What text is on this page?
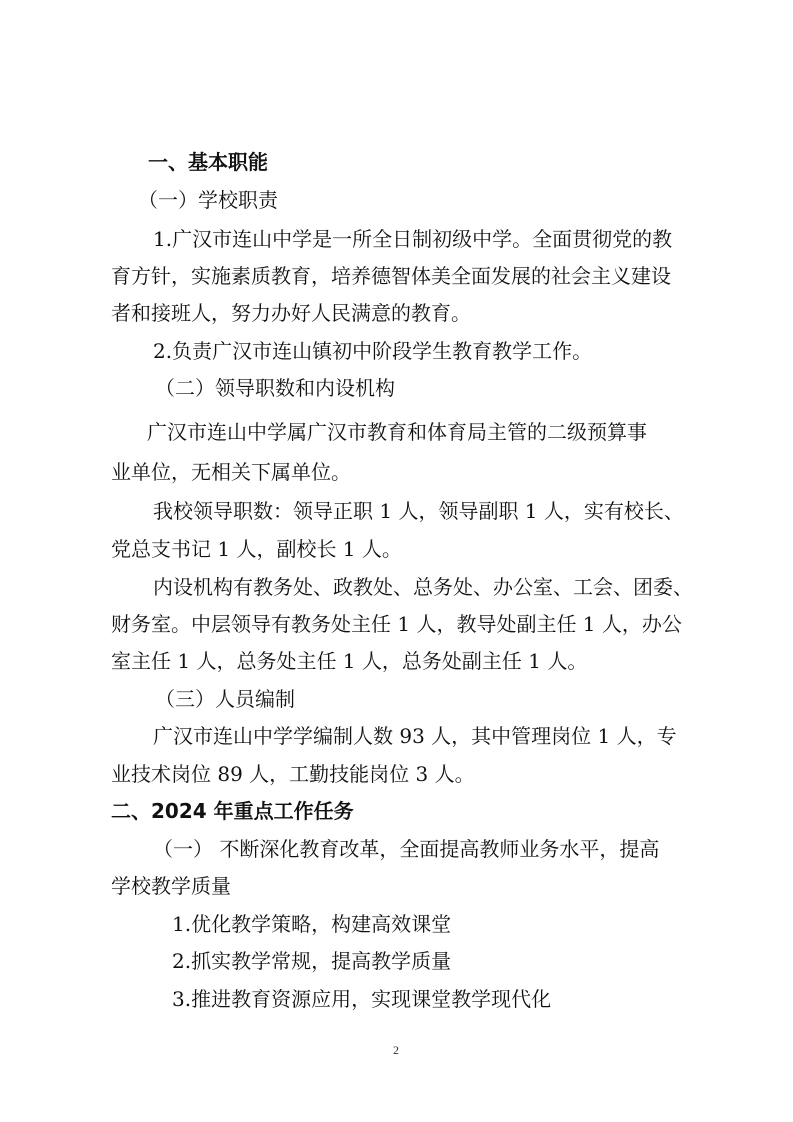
一、基本职能
（一）学校职责
1.广汉市连山中学是一所全日制初级中学。全面贯彻党的教
育方针，实施素质教育，培养德智体美全面发展的社会主义建设
者和接班人，努力办好人民满意的教育。
2.负责广汉市连山镇初中阶段学生教育教学工作。
（二）领导职数和内设机构
广汉市连山中学属广汉市教育和体育局主管的二级预算事
业单位，无相关下属单位。
我校领导职数：领导正职 1 人，领导副职 1 人，实有校长、
党总支书记 1 人，副校长 1 人。
内设机构有教务处、政教处、总务处、办公室、工会、团委、
财务室。中层领导有教务处主任 1 人，教导处副主任 1 人，办公
室主任 1 人，总务处主任 1 人，总务处副主任 1 人。
（三）人员编制
广汉市连山中学学编制人数 93 人，其中管理岗位 1 人，专
业技术岗位 89 人，工勤技能岗位 3 人。
二、2024 年重点工作任务
（一） 不断深化教育改革，全面提高教师业务水平，提高
学校教学质量
1.优化教学策略，构建高效课堂
2.抓实教学常规，提高教学质量
3.推进教育资源应用，实现课堂教学现代化
2
